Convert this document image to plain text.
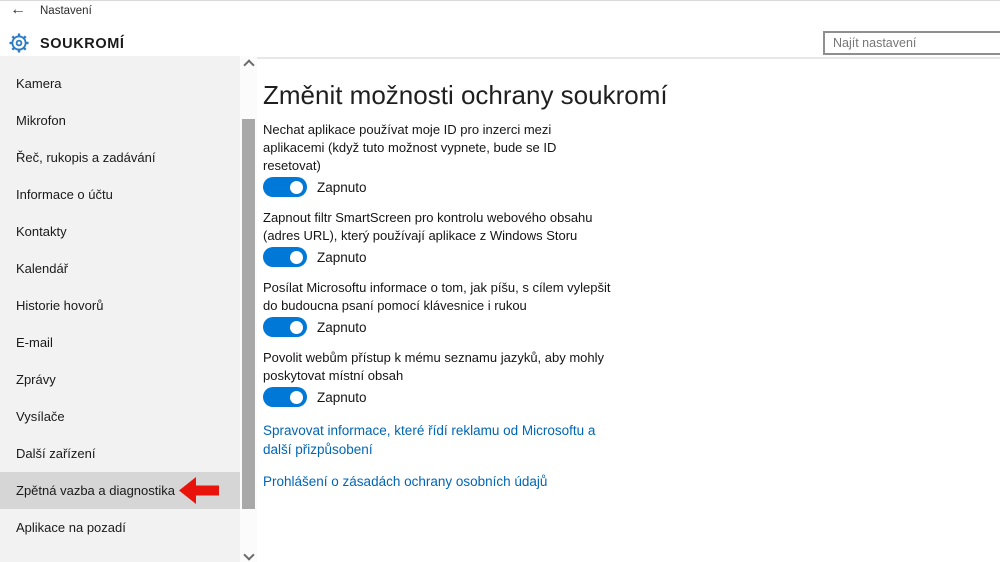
← Nastavení
SOUKROMÍ
Najít nastavení
Kamera
Mikrofon
Řeč, rukopis a zadávání
Informace o účtu
Kontakty
Kalendář
Historie hovorů
E-mail
Zprávy
Vysílače
Další zařízení
Zpětná vazba a diagnostika
Aplikace na pozadí
Změnit možnosti ochrany soukromí

Nechat aplikace používat moje ID pro inzerci mezi aplikacemi (když tuto možnost vypnete, bude se ID resetovat)

Zapnuto

Zapnout filtr SmartScreen pro kontrolu webového obsahu (adres URL), který používají aplikace z Windows Storu

Zapnuto

Posílat Microsoftu informace o tom, jak píšu, s cílem vylepšit do budoucna psaní pomocí klávesnice i rukou

Zapnuto

Povolit webům přístup k mému seznamu jazyků, aby mohly poskytovat místní obsah

Zapnuto
Spravovat informace, které řídí reklamu od Microsoftu a další přizpůsobení
Prohlášení o zásadách ochrany osobních údajů
